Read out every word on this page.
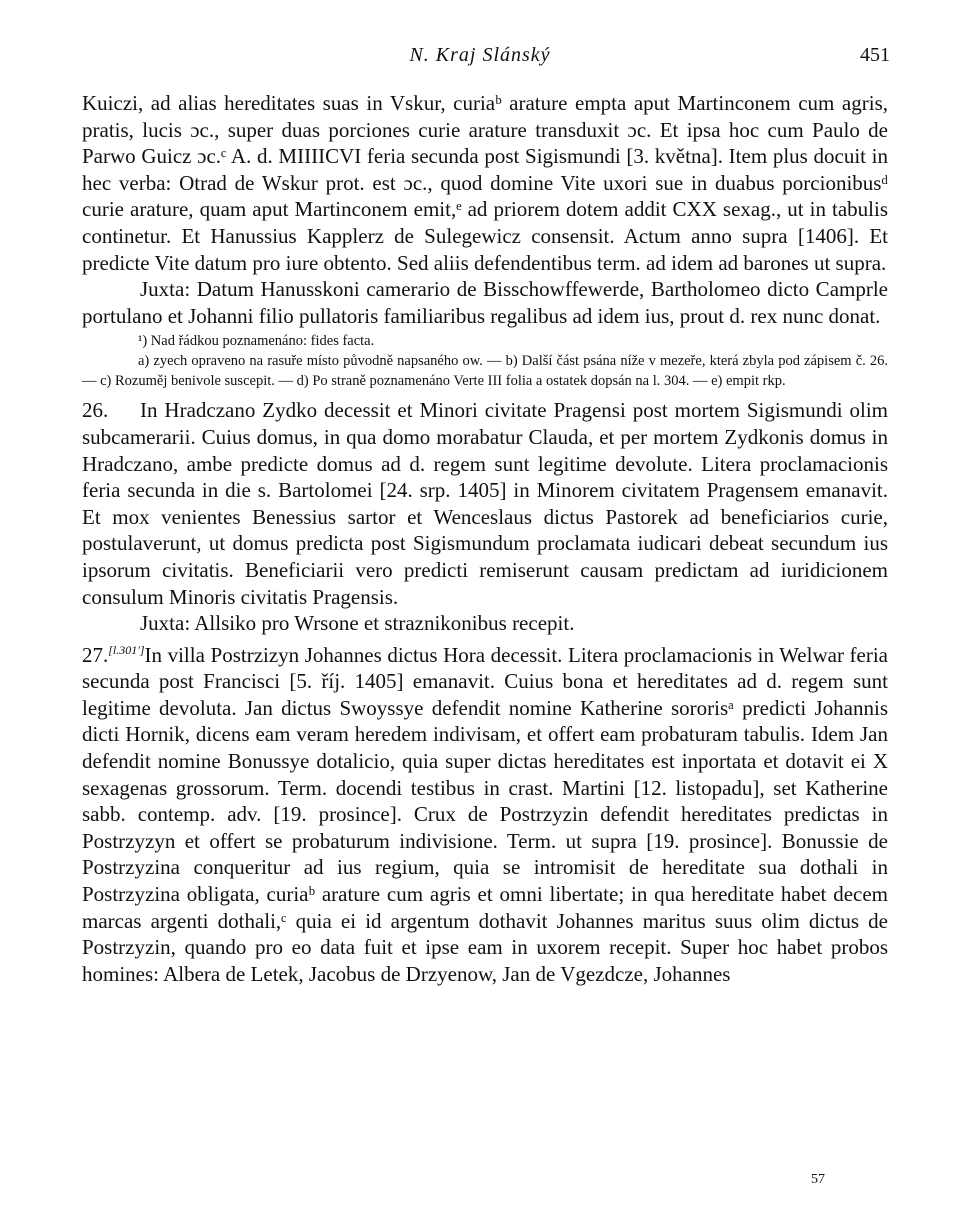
N. Kraj Slánský	451

Kuiczi, ad alias hereditates suas in Vskur, curiaᵇ arature empta aput Martinconem cum agris, pratis, lucis ɔc., super duas porciones curie arature transduxit ɔc. Et ipsa hoc cum Paulo de Parwo Guicz ɔc.ᶜ A. d. MIIIICVI feria secunda post Sigismundi [3. května]. Item plus docuit in hec verba: Otrad de Wskur prot. est ɔc., quod domine Vite uxori sue in duabus porcionibusᵈ curie arature, quam aput Martinconem emit,ᵉ ad priorem dotem addit CXX sexag., ut in tabulis continetur. Et Hanussius Kapplerz de Sulegewicz consensit. Actum anno supra [1406]. Et predicte Vite datum pro iure obtento. Sed aliis defendentibus term. ad idem ad barones ut supra.

Juxta: Datum Hanusskoni camerario de Bisschowffewerde, Bartholomeo dicto Camprle portulano et Johanni filio pullatoris familiaribus regalibus ad idem ius, prout d. rex nunc donat.

¹) Nad řádkou poznamenáno: fides facta.

a) zyech opraveno na rasuře místo původně napsaného ow. — b) Další část psána níže v mezeře, která zbyla pod zápisem č. 26. — c) Rozuměj benivole suscepit. — d) Po straně poznamenáno Verte III folia a ostatek dopsán na l. 304. — e) empit rkp.

26. In Hradczano Zydko decessit et Minori civitate Pragensi post mortem Sigismundi olim subcamerarii. Cuius domus, in qua domo morabatur Clauda, et per mortem Zydkonis domus in Hradczano, ambe predicte domus ad d. regem sunt legitime devolute. Litera proclamacionis feria secunda in die s. Bartolomei [24. srp. 1405] in Minorem civitatem Pragensem emanavit. Et mox venientes Benessius sartor et Wenceslaus dictus Pastorek ad beneficiarios curie, postulaverunt, ut domus predicta post Sigismundum proclamata iudicari debeat secundum ius ipsorum civitatis. Beneficiarii vero predicti remiserunt causam predictam ad iuridicionem consulum Minoris civitatis Pragensis.

Juxta: Allsiko pro Wrsone et straznikonibus recepit.

27.[l.301']In villa Postrzizyn Johannes dictus Hora decessit. Litera proclamacionis in Welwar feria secunda post Francisci [5. říj. 1405] emanavit. Cuius bona et hereditates ad d. regem sunt legitime devoluta. Jan dictus Swoyssye defendit nomine Katherine sororisᵃ predicti Johannis dicti Hornik, dicens eam veram heredem indivisam, et offert eam probaturam tabulis. Idem Jan defendit nomine Bonussye dotalicio, quia super dictas hereditates est inportata et dotavit ei X sexagenas grossorum. Term. docendi testibus in crast. Martini [12. listopadu], set Katherine sabb. contemp. adv. [19. prosince]. Crux de Postrzyzin defendit hereditates predictas in Postrzyzyn et offert se probaturum indivisione. Term. ut supra [19. prosince]. Bonussie de Postrzyzina conqueritur ad ius regium, quia se intromisit de hereditate sua dothali in Postrzyzina obligata, curiaᵇ arature cum agris et omni libertate; in qua hereditate habet decem marcas argenti dothali,ᶜ quia ei id argentum dothavit Johannes maritus suus olim dictus de Postrzyzin, quando pro eo data fuit et ipse eam in uxorem recepit. Super hoc habet probos homines: Albera de Letek, Jacobus de Drzyenow, Jan de Vgezdcze, Johannes

57
